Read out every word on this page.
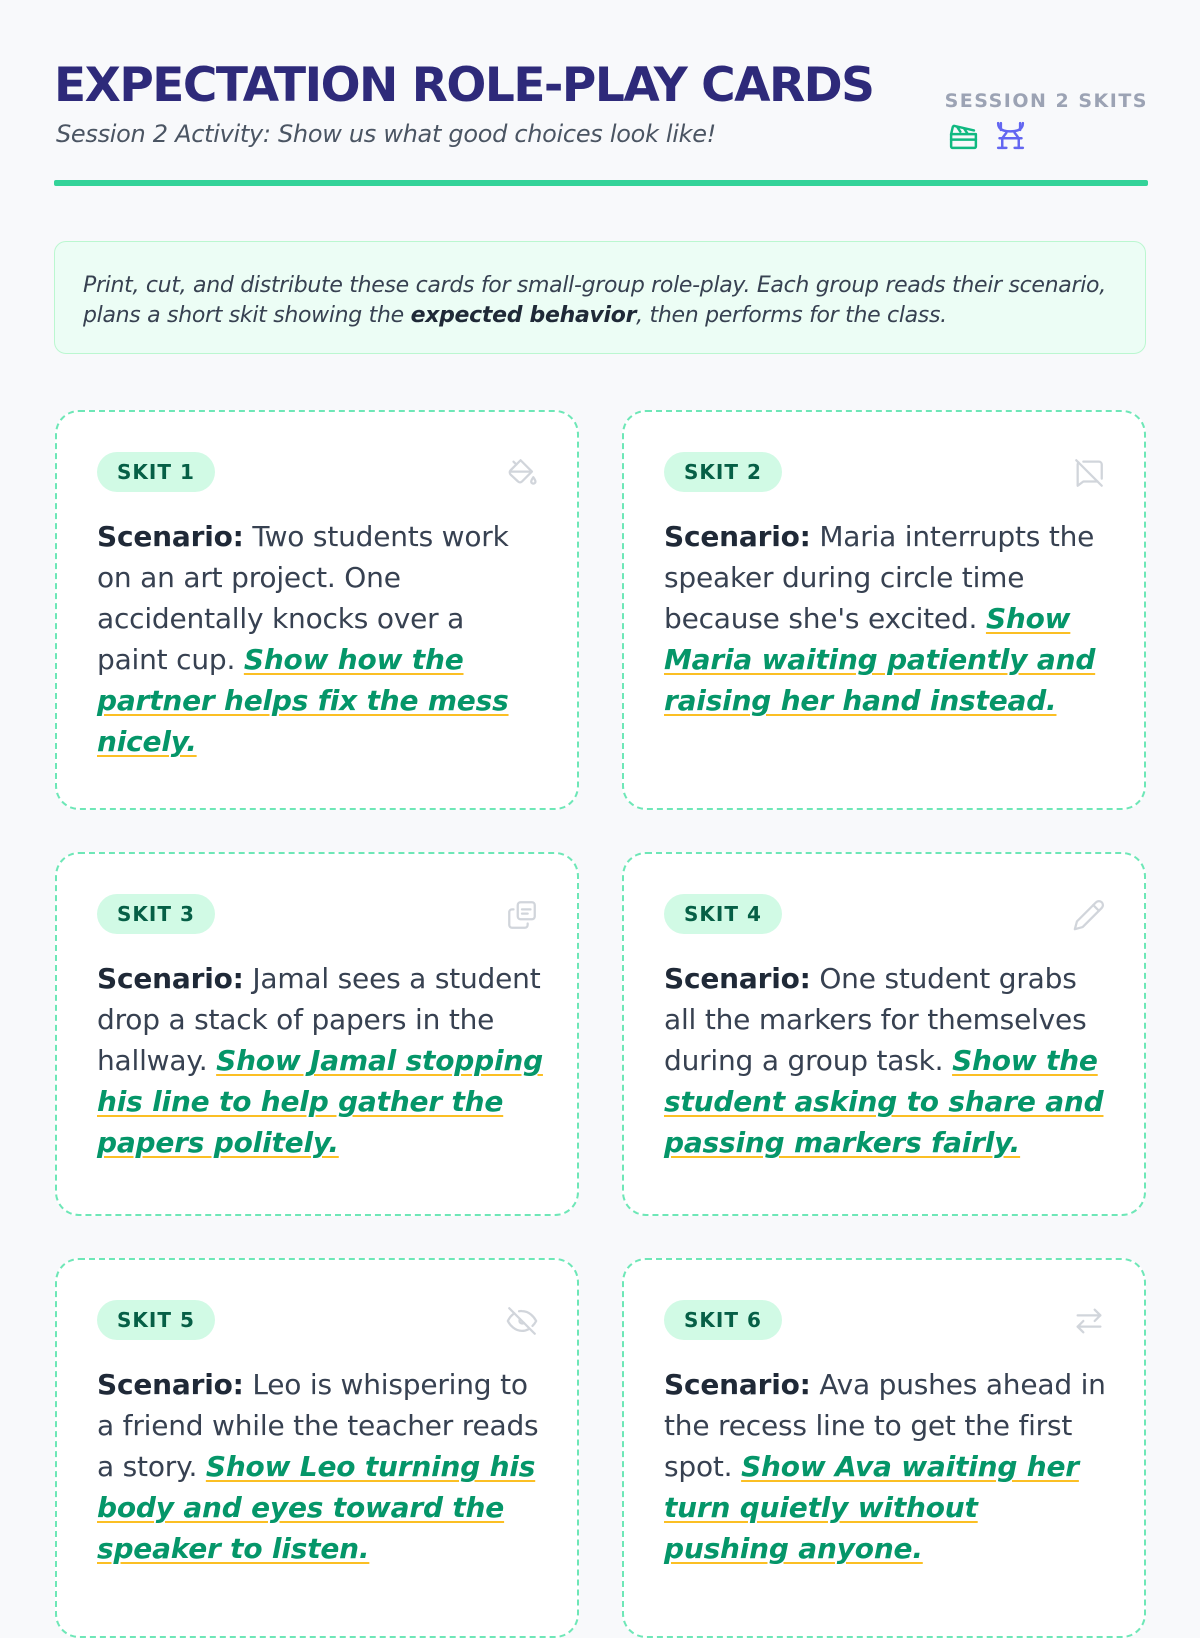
EXPECTATION ROLE-PLAY CARDS
Session 2 Activity: Show us what good choices look like!
SESSION 2 SKITS
Print, cut, and distribute these cards for small-group role-play. Each group reads their scenario, plans a short skit showing the expected behavior, then performs for the class.
SKIT 1
Scenario: Two students work on an art project. One accidentally knocks over a paint cup. Show how the partner helps fix the mess nicely.
SKIT 2
Scenario: Maria interrupts the speaker during circle time because she's excited. Show Maria waiting patiently and raising her hand instead.
SKIT 3
Scenario: Jamal sees a student drop a stack of papers in the hallway. Show Jamal stopping his line to help gather the papers politely.
SKIT 4
Scenario: One student grabs all the markers for themselves during a group task. Show the student asking to share and passing markers fairly.
SKIT 5
Scenario: Leo is whispering to a friend while the teacher reads a story. Show Leo turning his body and eyes toward the speaker to listen.
SKIT 6
Scenario: Ava pushes ahead in the recess line to get the first spot. Show Ava waiting her turn quietly without pushing anyone.
